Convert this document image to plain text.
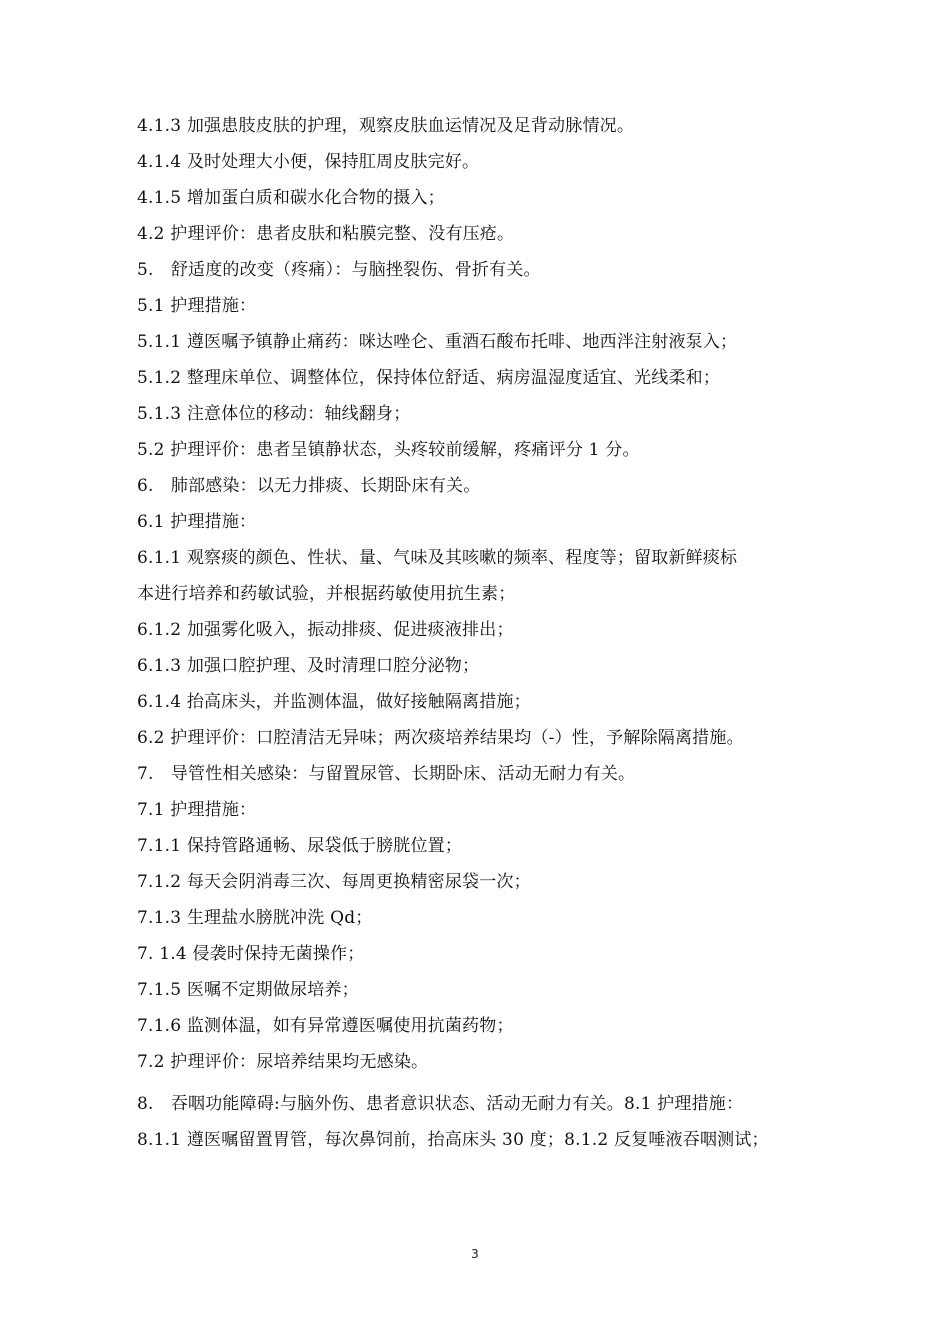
4.1.3 加强患肢皮肤的护理，观察皮肤血运情况及足背动脉情况。
4.1.4 及时处理大小便，保持肛周皮肤完好。
4.1.5 增加蛋白质和碳水化合物的摄入；
4.2 护理评价：患者皮肤和粘膜完整、没有压疮。
5.　舒适度的改变（疼痛）：与脑挫裂伤、骨折有关。
5.1 护理措施：
5.1.1 遵医嘱予镇静止痛药：咪达唑仑、重酒石酸布托啡、地西泮注射液泵入；
5.1.2 整理床单位、调整体位，保持体位舒适、病房温湿度适宜、光线柔和；
5.1.3 注意体位的移动：轴线翻身；
5.2 护理评价：患者呈镇静状态，头疼较前缓解，疼痛评分 1 分。
6.　肺部感染：以无力排痰、长期卧床有关。
6.1 护理措施：
6.1.1 观察痰的颜色、性状、量、气味及其咳嗽的频率、程度等；留取新鲜痰标
本进行培养和药敏试验，并根据药敏使用抗生素；
6.1.2 加强雾化吸入，振动排痰、促进痰液排出；
6.1.3 加强口腔护理、及时清理口腔分泌物；
6.1.4 抬高床头，并监测体温，做好接触隔离措施；
6.2 护理评价：口腔清洁无异味；两次痰培养结果均（-）性，予解除隔离措施。
7.　导管性相关感染：与留置尿管、长期卧床、活动无耐力有关。
7.1 护理措施：
7.1.1 保持管路通畅、尿袋低于膀胱位置；
7.1.2 每天会阴消毒三次、每周更换精密尿袋一次；
7.1.3 生理盐水膀胱冲洗 Qd；
7. 1.4 侵袭时保持无菌操作；
7.1.5 医嘱不定期做尿培养；
7.1.6 监测体温，如有异常遵医嘱使用抗菌药物；
7.2 护理评价：尿培养结果均无感染。
8.　吞咽功能障碍:与脑外伤、患者意识状态、活动无耐力有关。8.1 护理措施：
8.1.1 遵医嘱留置胃管，每次鼻饲前，抬高床头 30 度；8.1.2 反复唾液吞咽测试；
3
